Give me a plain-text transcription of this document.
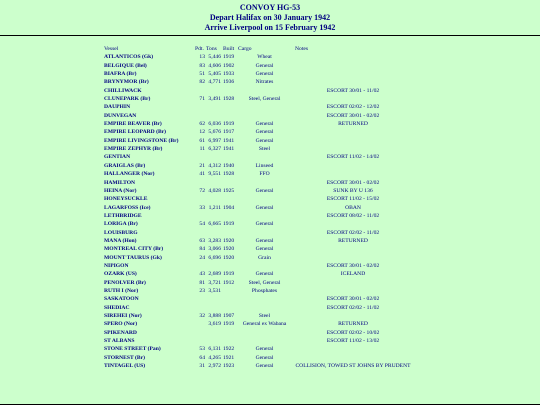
CONVOY HG-53
Depart Halifax on 30 January 1942
Arrive Liverpool on 15 February 1942
Vessel	Pdt.	Tons	Built	Cargo	Notes
ATLANTICOS (Gk)	13	5,446	1919	Wheat	
BELGIQUE (Bel)	83	4,606	1902	General	
BIAFRA (Br)	51	5,405	1933	General	
BRYNYMOR (Br)	82	4,771	1936	Nitrates	
CHILLIWACK					ESCORT 30/01 - 11/02
CLUNEPARK (Br)	71	3,491	1928	Steel, General	
DAUPHIN					ESCORT 02/02 - 12/02
DUNVEGAN					ESCORT 30/01 - 02/02
EMPIRE BEAVER (Br)	62	6,036	1919	General	RETURNED
EMPIRE LEOPARD (Br)	12	5,676	1917	General	
EMPIRE LIVINGSTONE (Br)	61	6,997	1941	General	
EMPIRE ZEPHYR (Br)	11	6,327	1941	Steel	
GENTIAN					ESCORT 11/02 - 14/02
GRAIGLAS (Br)	21	4,312	1940	Linseed	
HALLANGER (Nor)	41	9,551	1928	FFO	
HAMILTON					ESCORT 30/01 - 02/02
HEINA (Nor)	72	4,028	1925	General	SUNK BY U 136
HONEYSUCKLE					ESCORT 11/02 - 15/02
LAGARFOSS (Ice)	33	1,211	1904	General	OBAN
LETHBRIDGE					ESCORT 08/02 - 11/02
LORIGA (Br)	54	6,665	1919	General	
LOUISBURG					ESCORT 02/02 - 11/02
MANA (Hon)	63	3,283	1920	General	RETURNED
MONTREAL CITY (Br)	84	3,066	1920	General	
MOUNT TAURUS (Gk)	24	6,696	1920	Grain	
NIPIGON					ESCORT 30/01 - 02/02
OZARK (US)	43	2,689	1919	General	ICELAND
PENOLVER (Br)	81	3,721	1912	Steel, General	
RUTH I (Nor)	23	3,531		Phosphates	
SASKATOON					ESCORT 30/01 - 02/02
SHEDIAC					ESCORT 02/02 - 11/02
SIREHEI (Nor)	32	3,888	1907	Steel	
SPERO (Nor)		3,619	1919	General ex Wabana	RETURNED
SPIKENARD					ESCORT 02/02 - 10/02
ST ALBANS					ESCORT 11/02 - 13/02
STONE STREET (Pan)	53	6,131	1922	General	
STORNEST (Br)	64	4,265	1921	General	
TINTAGEL (US)	31	2,972	1923	General	COLLISION, TOWED ST JOHNS BY PRUDENT
